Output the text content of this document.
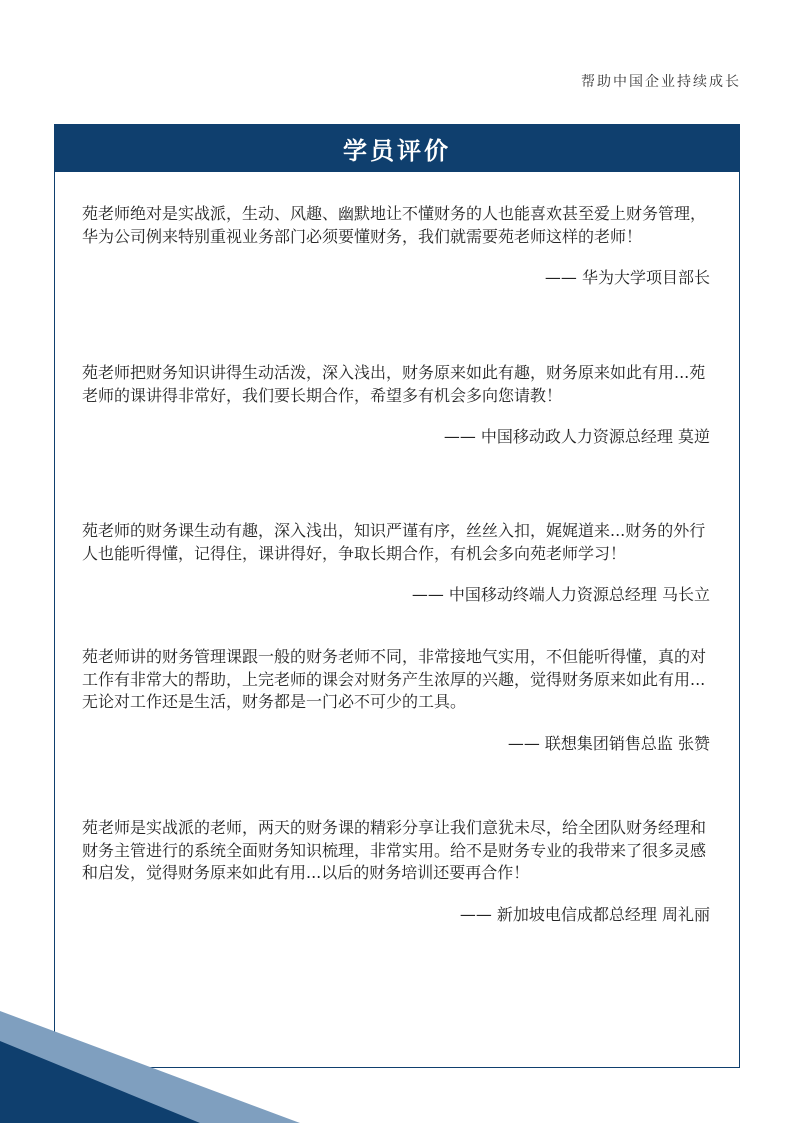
帮助中国企业持续成长
学员评价

苑老师绝对是实战派，生动、风趣、幽默地让不懂财务的人也能喜欢甚至爱上财务管理，华为公司例来特别重视业务部门必须要懂财务，我们就需要苑老师这样的老师！

—— 华为大学项目部长

苑老师把财务知识讲得生动活泼，深入浅出，财务原来如此有趣，财务原来如此有用...苑老师的课讲得非常好，我们要长期合作，希望多有机会多向您请教！

—— 中国移动政人力资源总经理 莫逆

苑老师的财务课生动有趣，深入浅出，知识严谨有序，丝丝入扣，娓娓道来...财务的外行人也能听得懂，记得住，课讲得好，争取长期合作，有机会多向苑老师学习！

—— 中国移动终端人力资源总经理 马长立

苑老师讲的财务管理课跟一般的财务老师不同，非常接地气实用，不但能听得懂，真的对工作有非常大的帮助，上完老师的课会对财务产生浓厚的兴趣，觉得财务原来如此有用...无论对工作还是生活，财务都是一门必不可少的工具。

—— 联想集团销售总监 张赞

苑老师是实战派的老师，两天的财务课的精彩分享让我们意犹未尽，给全团队财务经理和财务主管进行的系统全面财务知识梳理，非常实用。给不是财务专业的我带来了很多灵感和启发，觉得财务原来如此有用...以后的财务培训还要再合作！

—— 新加坡电信成都总经理 周礼丽
